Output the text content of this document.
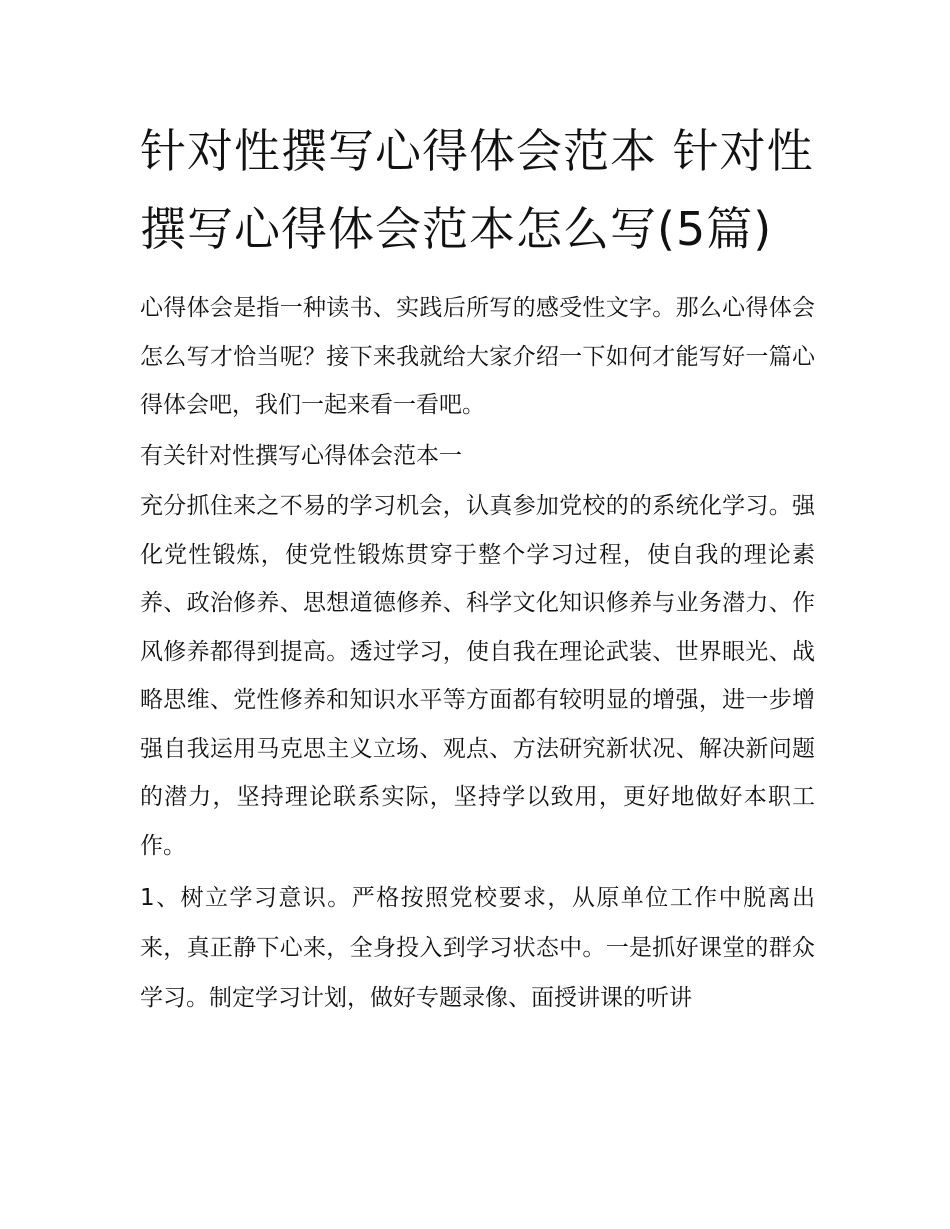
针对性撰写心得体会范本 针对性撰写心得体会范本怎么写(5篇)

心得体会是指一种读书、实践后所写的感受性文字。那么心得体会怎么写才恰当呢？接下来我就给大家介绍一下如何才能写好一篇心得体会吧，我们一起来看一看吧。

有关针对性撰写心得体会范本一

充分抓住来之不易的学习机会，认真参加党校的的系统化学习。强化党性锻炼，使党性锻炼贯穿于整个学习过程，使自我的理论素养、政治修养、思想道德修养、科学文化知识修养与业务潜力、作风修养都得到提高。透过学习，使自我在理论武装、世界眼光、战略思维、党性修养和知识水平等方面都有较明显的增强，进一步增强自我运用马克思主义立场、观点、方法研究新状况、解决新问题的潜力，坚持理论联系实际，坚持学以致用，更好地做好本职工作。

1、树立学习意识。严格按照党校要求，从原单位工作中脱离出来，真正静下心来，全身投入到学习状态中。一是抓好课堂的群众学习。制定学习计划，做好专题录像、面授讲课的听讲
